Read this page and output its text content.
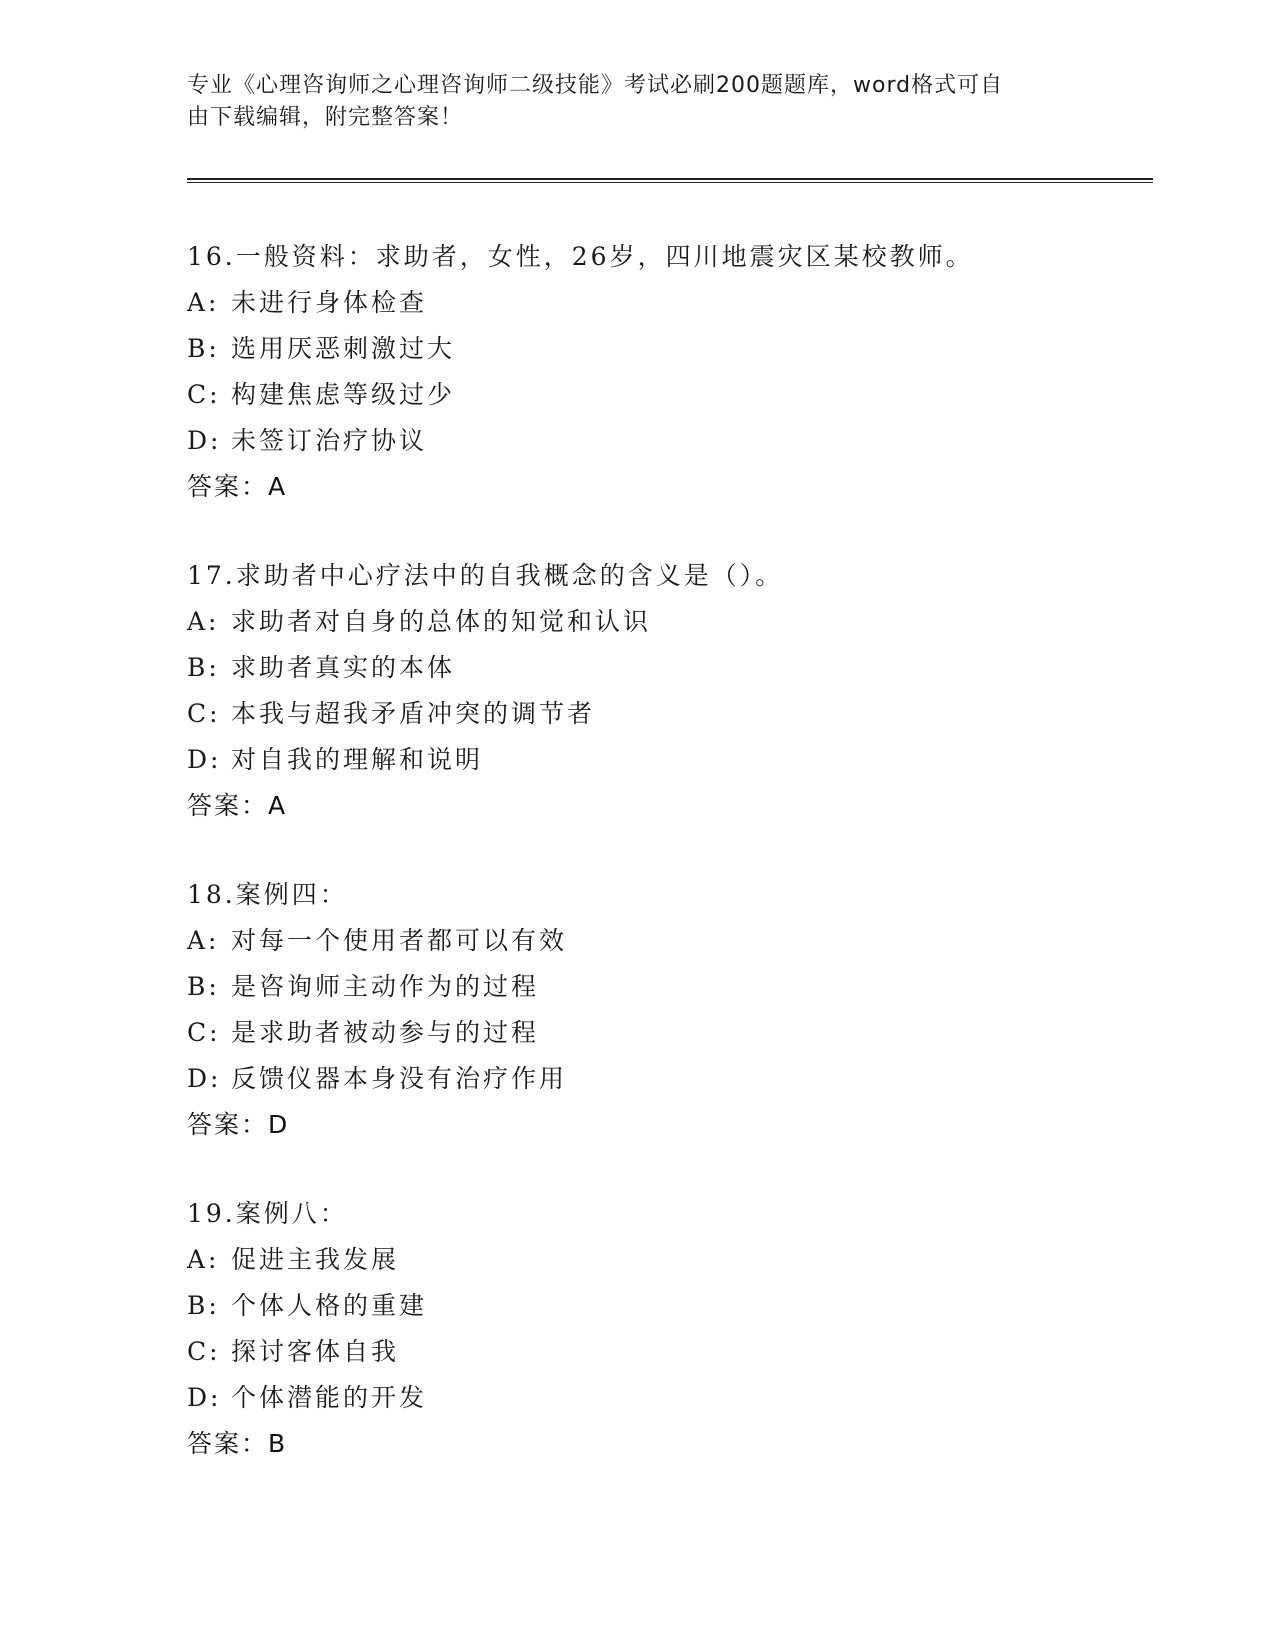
专业《心理咨询师之心理咨询师二级技能》考试必刷200题题库，word格式可自
由下载编辑，附完整答案！
16.一般资料：求助者，女性，26岁，四川地震灾区某校教师。
A: 未进行身体检查
B: 选用厌恶刺激过大
C: 构建焦虑等级过少
D: 未签订治疗协议
答案：A
17.求助者中心疗法中的自我概念的含义是（）。
A: 求助者对自身的总体的知觉和认识
B: 求助者真实的本体
C: 本我与超我矛盾冲突的调节者
D: 对自我的理解和说明
答案：A
18.案例四：
A: 对每一个使用者都可以有效
B: 是咨询师主动作为的过程
C: 是求助者被动参与的过程
D: 反馈仪器本身没有治疗作用
答案：D
19.案例八：
A: 促进主我发展
B: 个体人格的重建
C: 探讨客体自我
D: 个体潜能的开发
答案：B
